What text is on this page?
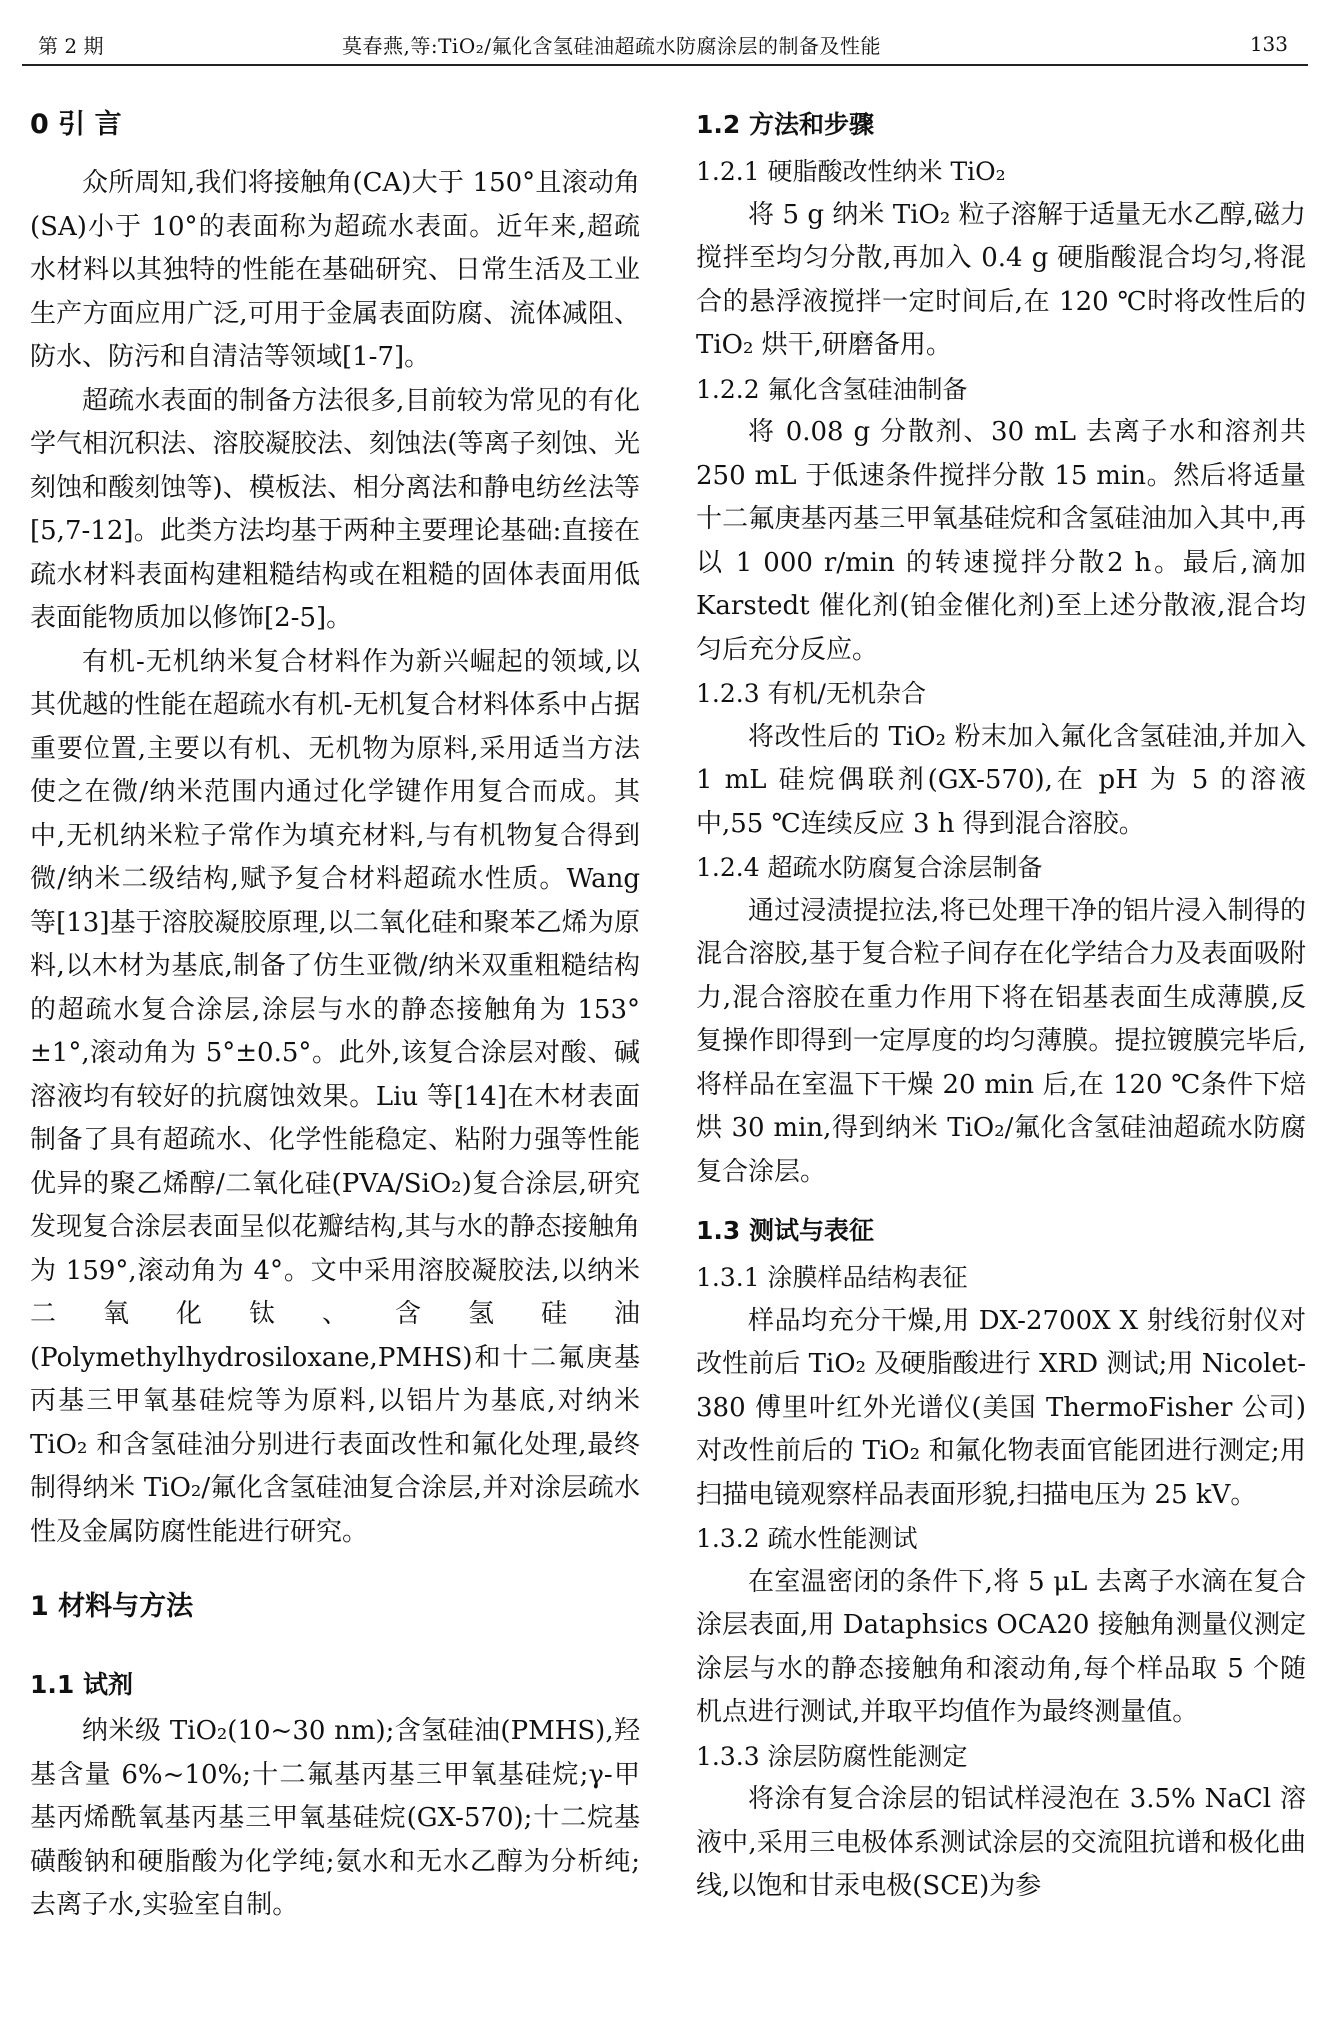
第 2 期	莫春燕,等:TiO₂/氟化含氢硅油超疏水防腐涂层的制备及性能	133
0 引 言

众所周知,我们将接触角(CA)大于 150°且滚动角(SA)小于 10°的表面称为超疏水表面。近年来,超疏水材料以其独特的性能在基础研究、日常生活及工业生产方面应用广泛,可用于金属表面防腐、流体减阻、防水、防污和自清洁等领域[1-7]。

超疏水表面的制备方法很多,目前较为常见的有化学气相沉积法、溶胶凝胶法、刻蚀法(等离子刻蚀、光刻蚀和酸刻蚀等)、模板法、相分离法和静电纺丝法等[5,7-12]。此类方法均基于两种主要理论基础:直接在疏水材料表面构建粗糙结构或在粗糙的固体表面用低表面能物质加以修饰[2-5]。

有机-无机纳米复合材料作为新兴崛起的领域,以其优越的性能在超疏水有机-无机复合材料体系中占据重要位置,主要以有机、无机物为原料,采用适当方法使之在微/纳米范围内通过化学键作用复合而成。其中,无机纳米粒子常作为填充材料,与有机物复合得到微/纳米二级结构,赋予复合材料超疏水性质。Wang 等[13]基于溶胶凝胶原理,以二氧化硅和聚苯乙烯为原料,以木材为基底,制备了仿生亚微/纳米双重粗糙结构的超疏水复合涂层,涂层与水的静态接触角为 153°±1°,滚动角为 5°±0.5°。此外,该复合涂层对酸、碱溶液均有较好的抗腐蚀效果。Liu 等[14]在木材表面制备了具有超疏水、化学性能稳定、粘附力强等性能优异的聚乙烯醇/二氧化硅(PVA/SiO₂)复合涂层,研究发现复合涂层表面呈似花瓣结构,其与水的静态接触角为 159°,滚动角为 4°。文中采用溶胶凝胶法,以纳米二氧化钛、含氢硅油(Polymethylhydrosiloxane,PMHS)和十二氟庚基丙基三甲氧基硅烷等为原料,以铝片为基底,对纳米 TiO₂ 和含氢硅油分别进行表面改性和氟化处理,最终制得纳米 TiO₂/氟化含氢硅油复合涂层,并对涂层疏水性及金属防腐性能进行研究。

1 材料与方法
1.1 试剂

纳米级 TiO₂(10~30 nm);含氢硅油(PMHS),羟基含量 6%~10%;十二氟基丙基三甲氧基硅烷;γ-甲基丙烯酰氧基丙基三甲氧基硅烷(GX-570);十二烷基磺酸钠和硬脂酸为化学纯;氨水和无水乙醇为分析纯;去离子水,实验室自制。

1.2 方法和步骤
1.2.1 硬脂酸改性纳米 TiO₂

将 5 g 纳米 TiO₂ 粒子溶解于适量无水乙醇,磁力搅拌至均匀分散,再加入 0.4 g 硬脂酸混合均匀,将混合的悬浮液搅拌一定时间后,在 120 ℃时将改性后的 TiO₂ 烘干,研磨备用。

1.2.2 氟化含氢硅油制备

将 0.08 g 分散剂、30 mL 去离子水和溶剂共 250 mL 于低速条件搅拌分散 15 min。然后将适量十二氟庚基丙基三甲氧基硅烷和含氢硅油加入其中,再以 1 000 r/min 的转速搅拌分散2 h。最后,滴加 Karstedt 催化剂(铂金催化剂)至上述分散液,混合均匀后充分反应。

1.2.3 有机/无机杂合

将改性后的 TiO₂ 粉末加入氟化含氢硅油,并加入 1 mL 硅烷偶联剂(GX-570),在 pH 为 5 的溶液中,55 ℃连续反应 3 h 得到混合溶胶。

1.2.4 超疏水防腐复合涂层制备

通过浸渍提拉法,将已处理干净的铝片浸入制得的混合溶胶,基于复合粒子间存在化学结合力及表面吸附力,混合溶胶在重力作用下将在铝基表面生成薄膜,反复操作即得到一定厚度的均匀薄膜。提拉镀膜完毕后,将样品在室温下干燥 20 min 后,在 120 ℃条件下焙烘 30 min,得到纳米 TiO₂/氟化含氢硅油超疏水防腐复合涂层。

1.3 测试与表征
1.3.1 涂膜样品结构表征

样品均充分干燥,用 DX-2700X X 射线衍射仪对改性前后 TiO₂ 及硬脂酸进行 XRD 测试;用 Nicolet-380 傅里叶红外光谱仪(美国 ThermoFisher 公司)对改性前后的 TiO₂ 和氟化物表面官能团进行测定;用扫描电镜观察样品表面形貌,扫描电压为 25 kV。

1.3.2 疏水性能测试

在室温密闭的条件下,将 5 μL 去离子水滴在复合涂层表面,用 Dataphsics OCA20 接触角测量仪测定涂层与水的静态接触角和滚动角,每个样品取 5 个随机点进行测试,并取平均值作为最终测量值。

1.3.3 涂层防腐性能测定

将涂有复合涂层的铝试样浸泡在 3.5% NaCl 溶液中,采用三电极体系测试涂层的交流阻抗谱和极化曲线,以饱和甘汞电极(SCE)为参
